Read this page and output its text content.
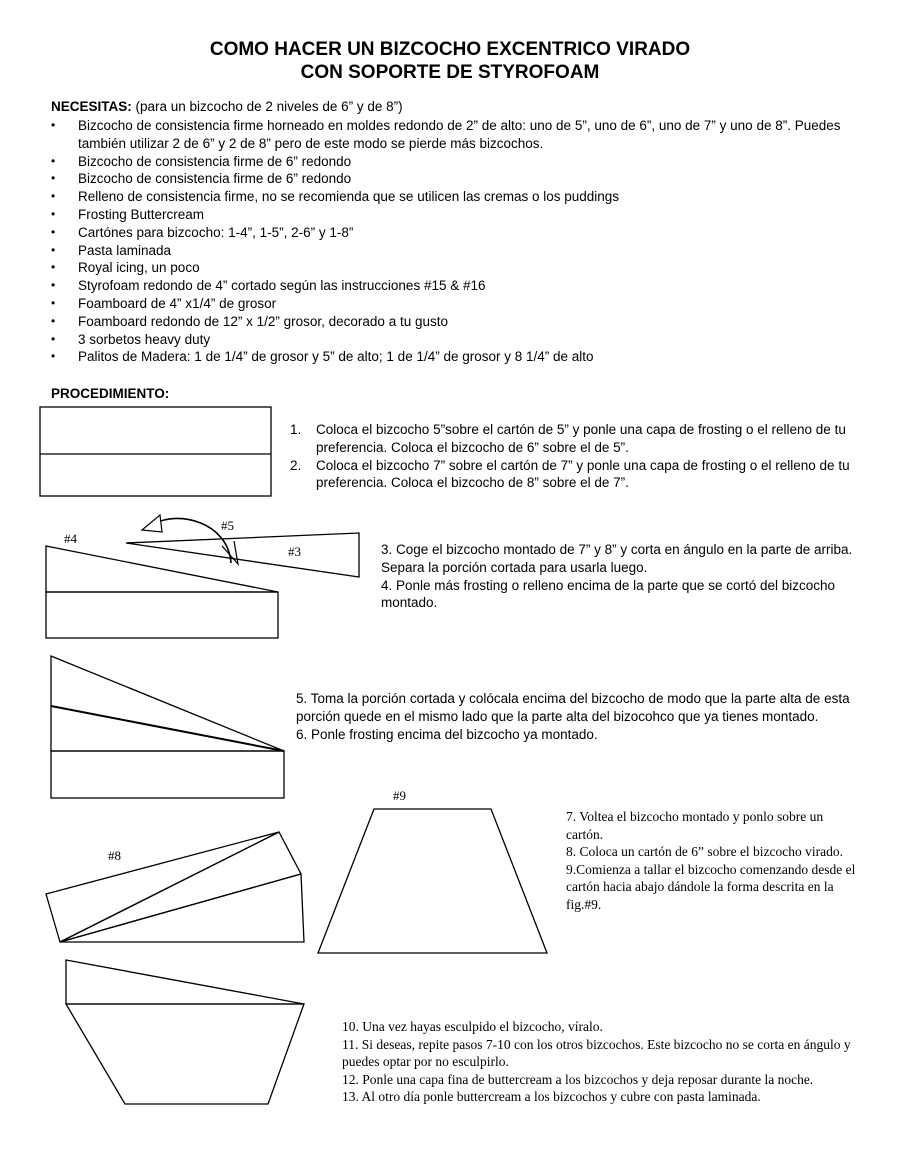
COMO HACER UN BIZCOCHO EXCENTRICO VIRADO
CON SOPORTE DE STYROFOAM
NECESITAS: (para un bizcocho de 2 niveles de 6” y de 8”)
• Bizcocho de consistencia firme horneado en moldes redondo de 2” de alto: uno de 5”, uno de 6”, uno de 7” y uno de 8”. Puedes también utilizar 2 de 6” y 2 de 8” pero de este modo se pierde más bizcochos.
• Bizcocho de consistencia firme de 6” redondo
• Bizcocho de consistencia firme de 6” redondo
• Relleno de consistencia firme, no se recomienda que se utilicen las cremas o los puddings
• Frosting Buttercream
• Cartónes para bizcocho: 1-4”, 1-5”, 2-6” y 1-8”
• Pasta laminada
• Royal icing, un poco
• Styrofoam redondo de 4” cortado según las instrucciones #15 & #16
• Foamboard de 4” x1/4” de grosor
• Foamboard redondo de 12” x 1/2” grosor, decorado a tu gusto
• 3 sorbetos heavy duty
• Palitos de Madera: 1 de 1/4” de grosor y 5” de alto; 1 de 1/4” de grosor y 8 1/4” de alto
PROCEDIMIENTO:
1.	Coloca el bizcocho 5”sobre el cartón de 5” y ponle una capa de frosting o el relleno de tu preferencia. Coloca el bizcocho de 6” sobre el de 5”.
2.	Coloca el bizcocho 7” sobre el cartón de 7” y ponle una capa de frosting o el relleno de tu preferencia. Coloca el bizcocho de 8” sobre el de 7”.
3. Coge el bizcocho montado de 7” y 8” y corta en ángulo en la parte de arriba. Separa la porción cortada para usarla luego.
4. Ponle más frosting o relleno encima de la parte que se cortó del bizcocho montado.
5. Toma la porción cortada y colócala encima del bizcocho de modo que la parte alta de esta porción quede en el mismo lado que la parte alta del bizocohco que ya tienes montado.
6. Ponle frosting encima del bizcocho ya montado.
7. Voltea el bizcocho montado y ponlo sobre un cartón.
8. Coloca un cartón de 6” sobre el bizcocho virado.
9.Comienza a tallar el bizcocho comenzando desde el cartón hacia abajo dándole la forma descrita en la fig.#9.
10. Una vez hayas esculpido el bizcocho, víralo.
11. Si deseas, repite pasos 7-10 con los otros bizcochos. Este bizcocho no se corta en ángulo y puedes optar por no esculpirlo.
12. Ponle una capa fina de buttercream a los bizcochos y deja reposar durante la noche.
13. Al otro día ponle buttercream a los bizcochos y cubre con pasta laminada.
#4
#5
#3
#8
#9
